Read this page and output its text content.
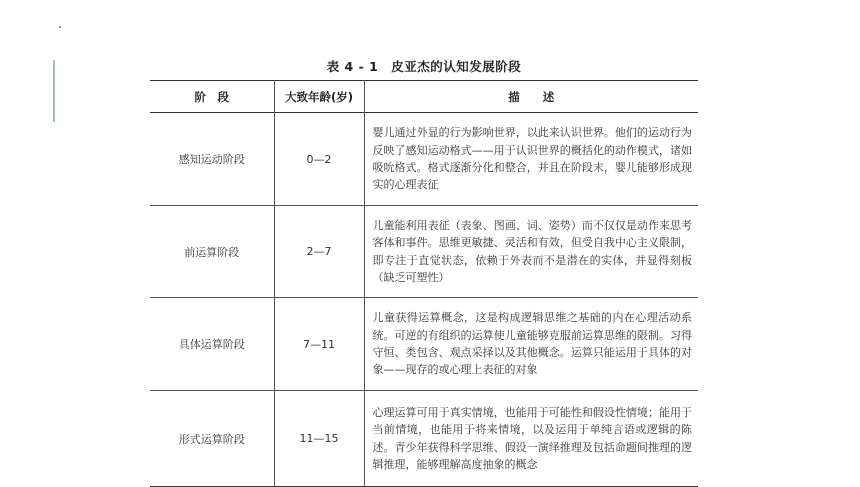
表 4 - 1　皮亚杰的认知发展阶段
阶　段	大致年龄(岁)	描　　述
感知运动阶段	0—2	婴儿通过外显的行为影响世界，以此来认识世界。他们的运动行为反映了感知运动格式——用于认识世界的概括化的动作模式，诸如吸吮格式。格式逐渐分化和整合，并且在阶段末，婴儿能够形成现实的心理表征
前运算阶段	2—7	儿童能利用表征（表象、图画、词、姿势）而不仅仅是动作来思考客体和事件。思维更敏捷、灵活和有效，但受自我中心主义限制，即专注于直觉状态，依赖于外表而不是潜在的实体，并显得刻板（缺乏可塑性）
具体运算阶段	7—11	儿童获得运算概念，这是构成逻辑思维之基础的内在心理活动系统。可逆的有组织的运算使儿童能够克服前运算思维的限制。习得守恒、类包含、观点采择以及其他概念。运算只能运用于具体的对象——现存的或心理上表征的对象
形式运算阶段	11—15	心理运算可用于真实情境，也能用于可能性和假设性情境；能用于当前情境，也能用于将来情境，以及运用于单纯言语或逻辑的陈述。青少年获得科学思维、假设一演绎推理及包括命题间推理的逻辑推理，能够理解高度抽象的概念
